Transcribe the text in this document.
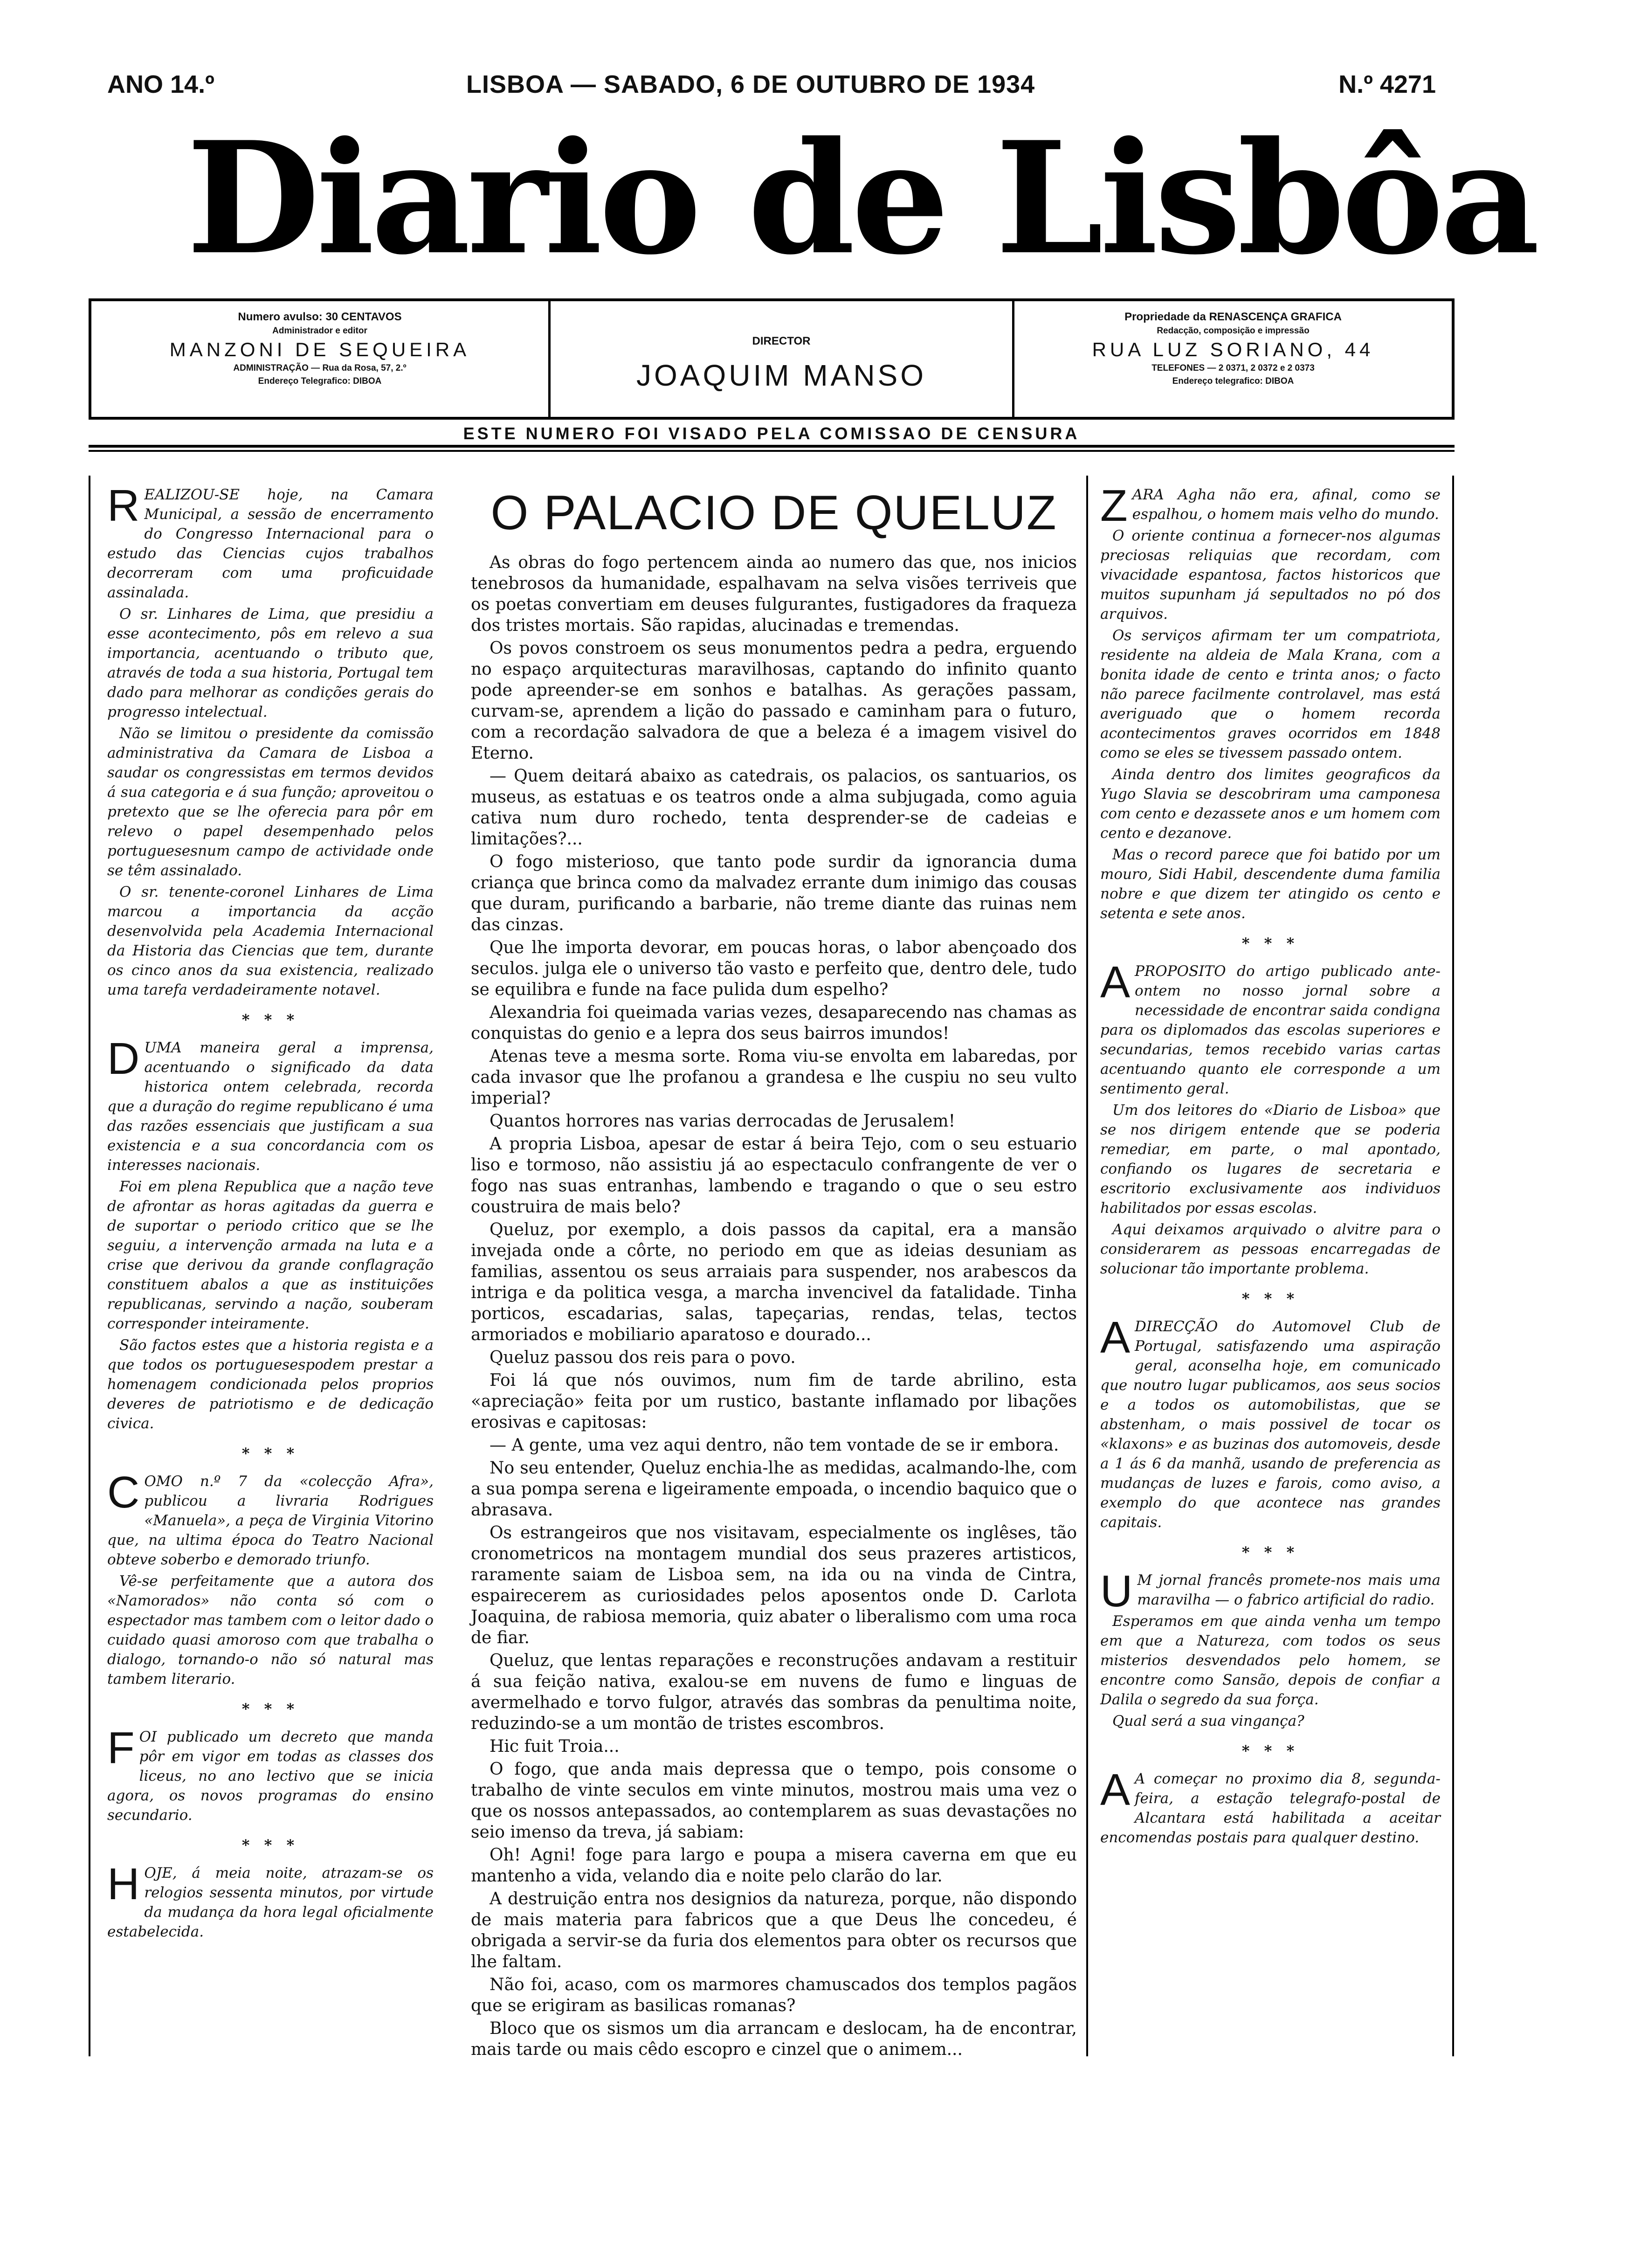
ANO 14.º	LISBOA — SABADO, 6 DE OUTUBRO DE 1934	N.º 4271
Diario de Lisbôa
Numero avulso: 30 CENTAVOS
Administrador e editor
MANZONI DE SEQUEIRA
ADMINISTRAÇÃO — Rua da Rosa, 57, 2.º
Endereço Telegrafico: DIBOA
DIRECTOR
JOAQUIM MANSO
Propriedade da RENASCENÇA GRAFICA
Redacção, composição e impressão
RUA LUZ SORIANO, 44
TELEFONES — 2 0371, 2 0372 e 2 0373
Endereço telegrafico: DIBOA
ESTE NUMERO FOI VISADO PELA COMISSAO DE CENSURA

REALIZOU-SE hoje, na Camara Municipal, a sessão de encerramento do Congresso Internacional para o estudo das Ciencias cujos trabalhos decorreram com uma proficuidade assinalada.

O sr. Linhares de Lima, que presidiu a esse acontecimento, pôs em relevo a sua importancia, acentuando o tributo que, através de toda a sua historia, Portugal tem dado para melhorar as condições gerais do progresso intelectual.

Não se limitou o presidente da comissão administrativa da Camara de Lisboa a saudar os congressistas em termos devidos á sua categoria e á sua função; aproveitou o pretexto que se lhe oferecia para pôr em relevo o papel desempenhado pelos portuguesesnum campo de actividade onde se têm assinalado.

O sr. tenente-coronel Linhares de Lima marcou a importancia da acção desenvolvida pela Academia Internacional da Historia das Ciencias que tem, durante os cinco anos da sua existencia, realizado uma tarefa verdadeiramente notavel.

* * *

DUMA maneira geral a imprensa, acentuando o significado da data historica ontem celebrada, recorda que a duração do regime republicano é uma das razões essenciais que justificam a sua existencia e a sua concordancia com os interesses nacionais.

Foi em plena Republica que a nação teve de afrontar as horas agitadas da guerra e de suportar o periodo critico que se lhe seguiu, a intervenção armada na luta e a crise que derivou da grande conflagração constituem abalos a que as instituições republicanas, servindo a nação, souberam corresponder inteiramente.

São factos estes que a historia regista e a que todos os portuguesespodem prestar a homenagem condicionada pelos proprios deveres de patriotismo e de dedicação civica.

* * *

COMO n.º 7 da «colecção Afra», publicou a livraria Rodrigues «Manuela», a peça de Virginia Vitorino que, na ultima época do Teatro Nacional obteve soberbo e demorado triunfo.

Vê-se perfeitamente que a autora dos «Namorados» não conta só com o espectador mas tambem com o leitor dado o cuidado quasi amoroso com que trabalha o dialogo, tornando-o não só natural mas tambem literario.

* * *

FOI publicado um decreto que manda pôr em vigor em todas as classes dos liceus, no ano lectivo que se inicia agora, os novos programas do ensino secundario.

* * *

HOJE, á meia noite, atrazam-se os relogios sessenta minutos, por virtude da mudança da hora legal oficialmente estabelecida.

O PALACIO DE QUELUZ

As obras do fogo pertencem ainda ao numero das que, nos inicios tenebrosos da humanidade, espalhavam na selva visões terriveis que os poetas convertiam em deuses fulgurantes, fustigadores da fraqueza dos tristes mortais. São rapidas, alucinadas e tremendas.

Os povos constroem os seus monumentos pedra a pedra, erguendo no espaço arquitecturas maravilhosas, captando do infinito quanto pode apreender-se em sonhos e batalhas. As gerações passam, curvam-se, aprendem a lição do passado e caminham para o futuro, com a recordação salvadora de que a beleza é a imagem visivel do Eterno.

— Quem deitará abaixo as catedrais, os palacios, os santuarios, os museus, as estatuas e os teatros onde a alma subjugada, como aguia cativa num duro rochedo, tenta desprender-se de cadeias e limitações?...

O fogo misterioso, que tanto pode surdir da ignorancia duma criança que brinca como da malvadez errante dum inimigo das cousas que duram, purificando a barbarie, não treme diante das ruinas nem das cinzas.

Que lhe importa devorar, em poucas horas, o labor abençoado dos seculos. julga ele o universo tão vasto e perfeito que, dentro dele, tudo se equilibra e funde na face pulida dum espelho?

Alexandria foi queimada varias vezes, desaparecendo nas chamas as conquistas do genio e a lepra dos seus bairros imundos!

Atenas teve a mesma sorte. Roma viu-se envolta em labaredas, por cada invasor que lhe profanou a grandesa e lhe cuspiu no seu vulto imperial?

Quantos horrores nas varias derrocadas de Jerusalem!

A propria Lisboa, apesar de estar á beira Tejo, com o seu estuario liso e tormoso, não assistiu já ao espectaculo confrangente de ver o fogo nas suas entranhas, lambendo e tragando o que o seu estro coustruira de mais belo?

Queluz, por exemplo, a dois passos da capital, era a mansão invejada onde a côrte, no periodo em que as ideias desuniam as familias, assentou os seus arraiais para suspender, nos arabescos da intriga e da politica vesga, a marcha invencivel da fatalidade. Tinha porticos, escadarias, salas, tapeçarias, rendas, telas, tectos armoriados e mobiliario aparatoso e dourado...

Queluz passou dos reis para o povo.

Foi lá que nós ouvimos, num fim de tarde abrilino, esta «apreciação» feita por um rustico, bastante inflamado por libações erosivas e capitosas:

— A gente, uma vez aqui dentro, não tem vontade de se ir embora.

No seu entender, Queluz enchia-lhe as medidas, acalmando-lhe, com a sua pompa serena e ligeiramente empoada, o incendio baquico que o abrasava.

Os estrangeiros que nos visitavam, especialmente os inglêses, tão cronometricos na montagem mundial dos seus prazeres artisticos, raramente saiam de Lisboa sem, na ida ou na vinda de Cintra, espairecerem as curiosidades pelos aposentos onde D. Carlota Joaquina, de rabiosa memoria, quiz abater o liberalismo com uma roca de fiar.

Queluz, que lentas reparações e reconstruções andavam a restituir á sua feição nativa, exalou-se em nuvens de fumo e linguas de avermelhado e torvo fulgor, através das sombras da penultima noite, reduzindo-se a um montão de tristes escombros.

Hic fuit Troia...

O fogo, que anda mais depressa que o tempo, pois consome o trabalho de vinte seculos em vinte minutos, mostrou mais uma vez o que os nossos antepassados, ao contemplarem as suas devastações no seio imenso da treva, já sabiam:

Oh! Agni! foge para largo e poupa a misera caverna em que eu mantenho a vida, velando dia e noite pelo clarão do lar.

A destruição entra nos designios da natureza, porque, não dispondo de mais materia para fabricos que a que Deus lhe concedeu, é obrigada a servir-se da furia dos elementos para obter os recursos que lhe faltam.

Não foi, acaso, com os marmores chamuscados dos templos pagãos que se erigiram as basilicas romanas?

Bloco que os sismos um dia arrancam e deslocam, ha de encontrar, mais tarde ou mais cêdo escopro e cinzel que o animem...

ZARA Agha não era, afinal, como se espalhou, o homem mais velho do mundo.

O oriente continua a fornecer-nos algumas preciosas reliquias que recordam, com vivacidade espantosa, factos historicos que muitos supunham já sepultados no pó dos arquivos.

Os serviços afirmam ter um compatriota, residente na aldeia de Mala Krana, com a bonita idade de cento e trinta anos; o facto não parece facilmente controlavel, mas está averiguado que o homem recorda acontecimentos graves ocorridos em 1848 como se eles se tivessem passado ontem.

Ainda dentro dos limites geograficos da Yugo Slavia se descobriram uma camponesa com cento e dezassete anos e um homem com cento e dezanove.

Mas o record parece que foi batido por um mouro, Sidi Habil, descendente duma familia nobre e que dizem ter atingido os cento e setenta e sete anos.

* * *

APROPOSITO do artigo publicado ante-ontem no nosso jornal sobre a necessidade de encontrar saida condigna para os diplomados das escolas superiores e secundarias, temos recebido varias cartas acentuando quanto ele corresponde a um sentimento geral.

Um dos leitores do «Diario de Lisboa» que se nos dirigem entende que se poderia remediar, em parte, o mal apontado, confiando os lugares de secretaria e escritorio exclusivamente aos individuos habilitados por essas escolas.

Aqui deixamos arquivado o alvitre para o considerarem as pessoas encarregadas de solucionar tão importante problema.

* * *

ADIRECÇÃO do Automovel Club de Portugal, satisfazendo uma aspiração geral, aconselha hoje, em comunicado que noutro lugar publicamos, aos seus socios e a todos os automobilistas, que se abstenham, o mais possivel de tocar os «klaxons» e as buzinas dos automoveis, desde a 1 ás 6 da manhã, usando de preferencia as mudanças de luzes e farois, como aviso, a exemplo do que acontece nas grandes capitais.

* * *

U M jornal francês promete-nos mais uma maravilha — o fabrico artificial do radio.

Esperamos em que ainda venha um tempo em que a Natureza, com todos os seus misterios desvendados pelo homem, se encontre como Sansão, depois de confiar a Dalila o segredo da sua força.

Qual será a sua vingança?

* * *

A A começar no proximo dia 8, segunda-feira, a estação telegrafo-postal de Alcantara está habilitada a aceitar encomendas postais para qualquer destino.
